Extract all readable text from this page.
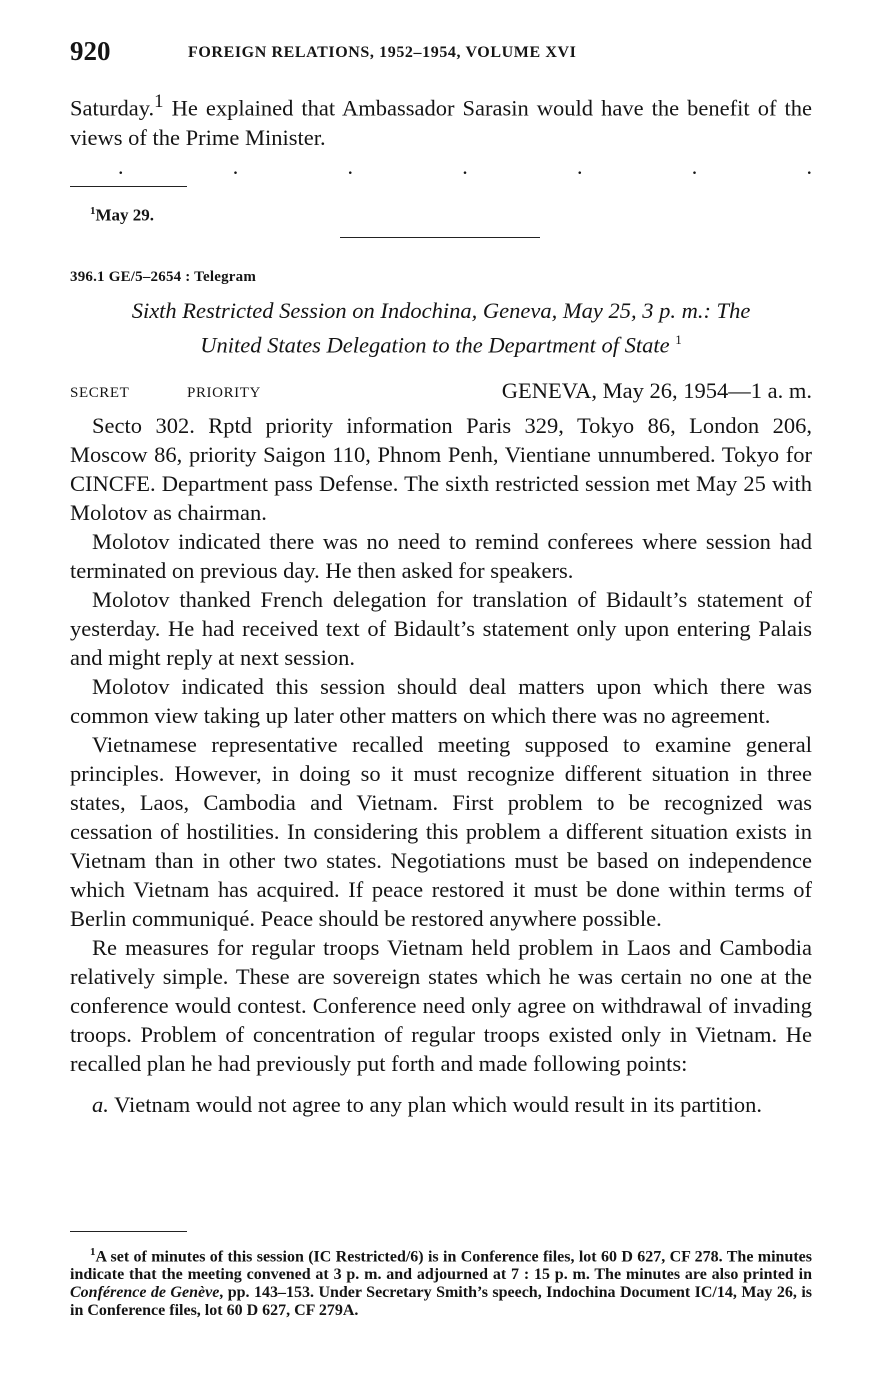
920	FOREIGN RELATIONS, 1952–1954, VOLUME XVI

Saturday.$^1$ He explained that Ambassador Sarasin would have the benefit of the views of the Prime Minister.

.	.	.	.	.	.	.
$^1$May 29.
396.1 GE/5–2654 : Telegram
Sixth Restricted Session on Indochina, Geneva, May 25, 3 p. m.: The
United States Delegation to the Department of State $^1$
SECRET	PRIORITY	GENEVA, May 26, 1954—1 a. m.

Secto 302. Rptd priority information Paris 329, Tokyo 86, London 206, Moscow 86, priority Saigon 110, Phnom Penh, Vientiane unnumbered. Tokyo for CINCFE. Department pass Defense. The sixth restricted session met May 25 with Molotov as chairman.

Molotov indicated there was no need to remind conferees where session had terminated on previous day. He then asked for speakers.

Molotov thanked French delegation for translation of Bidault’s statement of yesterday. He had received text of Bidault’s statement only upon entering Palais and might reply at next session.

Molotov indicated this session should deal matters upon which there was common view taking up later other matters on which there was no agreement.

Vietnamese representative recalled meeting supposed to examine general principles. However, in doing so it must recognize different situation in three states, Laos, Cambodia and Vietnam. First problem to be recognized was cessation of hostilities. In considering this problem a different situation exists in Vietnam than in other two states. Negotiations must be based on independence which Vietnam has acquired. If peace restored it must be done within terms of Berlin communiqué. Peace should be restored anywhere possible.

Re measures for regular troops Vietnam held problem in Laos and Cambodia relatively simple. These are sovereign states which he was certain no one at the conference would contest. Conference need only agree on withdrawal of invading troops. Problem of concentration of regular troops existed only in Vietnam. He recalled plan he had previously put forth and made following points:

a. Vietnam would not agree to any plan which would result in its partition.

$^1$A set of minutes of this session (IC Restricted/6) is in Conference files, lot 60 D 627, CF 278. The minutes indicate that the meeting convened at 3 p. m. and adjourned at 7 : 15 p. m. The minutes are also printed in Conférence de Genève, pp. 143–153. Under Secretary Smith’s speech, Indochina Document IC/14, May 26, is in Conference files, lot 60 D 627, CF 279A.
